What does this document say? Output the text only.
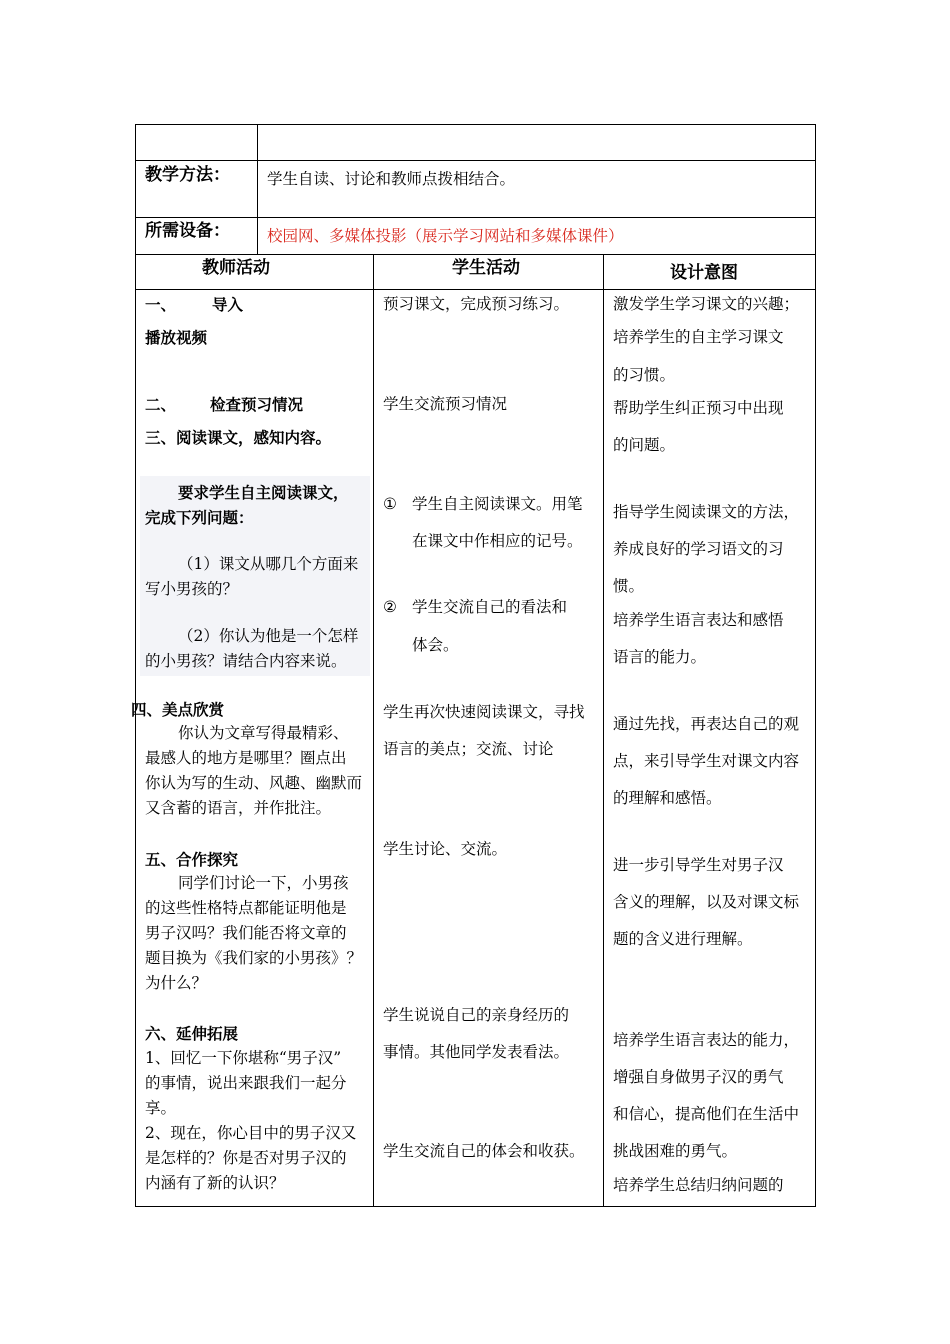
教学方法： 学生自读、讨论和教师点拨相结合。
所需设备： 校园网、多媒体投影（展示学习网站和多媒体课件）
教师活动	学生活动	设计意图
一、 导入
播放视频
二、 检查预习情况
三、阅读课文，感知内容。
要求学生自主阅读课文，
完成下列问题：
（1）课文从哪几个方面来
写小男孩的？
（2）你认为他是一个怎样
的小男孩？请结合内容来说。
四、美点欣赏
你认为文章写得最精彩、
最感人的地方是哪里？圈点出
你认为写的生动、风趣、幽默而
又含蓄的语言，并作批注。
五、合作探究
同学们讨论一下，小男孩
的这些性格特点都能证明他是
男子汉吗？我们能否将文章的
题目换为《我们家的小男孩》？
为什么？
六、延伸拓展
1、回忆一下你堪称“男子汉”
的事情，说出来跟我们一起分
享。
2、现在，你心目中的男子汉又
是怎样的？你是否对男子汉的
内涵有了新的认识？
预习课文，完成预习练习。
学生交流预习情况
① 学生自主阅读课文。用笔
在课文中作相应的记号。
② 学生交流自己的看法和
体会。
学生再次快速阅读课文，寻找
语言的美点；交流、讨论
学生讨论、交流。
学生说说自己的亲身经历的
事情。其他同学发表看法。
学生交流自己的体会和收获。
激发学生学习课文的兴趣；
培养学生的自主学习课文
的习惯。
帮助学生纠正预习中出现
的问题。
指导学生阅读课文的方法，
养成良好的学习语文的习
惯。
培养学生语言表达和感悟
语言的能力。
通过先找，再表达自己的观
点，来引导学生对课文内容
的理解和感悟。
进一步引导学生对男子汉
含义的理解，以及对课文标
题的含义进行理解。
培养学生语言表达的能力，
增强自身做男子汉的勇气
和信心，提高他们在生活中
挑战困难的勇气。
培养学生总结归纳问题的
